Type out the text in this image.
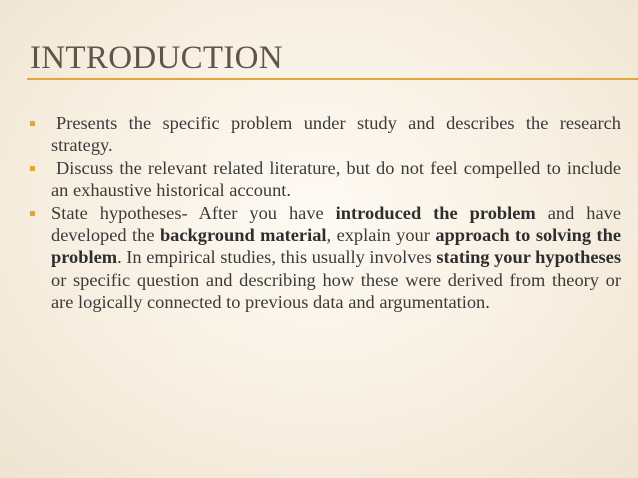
INTRODUCTION
Presents the specific problem under study and describes the research strategy.
Discuss the relevant related literature, but do not feel compelled to include an exhaustive historical account.
State hypotheses- After you have introduced the problem and have developed the background material, explain your approach to solving the problem. In empirical studies, this usually involves stating your hypotheses or specific question and describing how these were derived from theory or are logically connected to previous data and argumentation.
